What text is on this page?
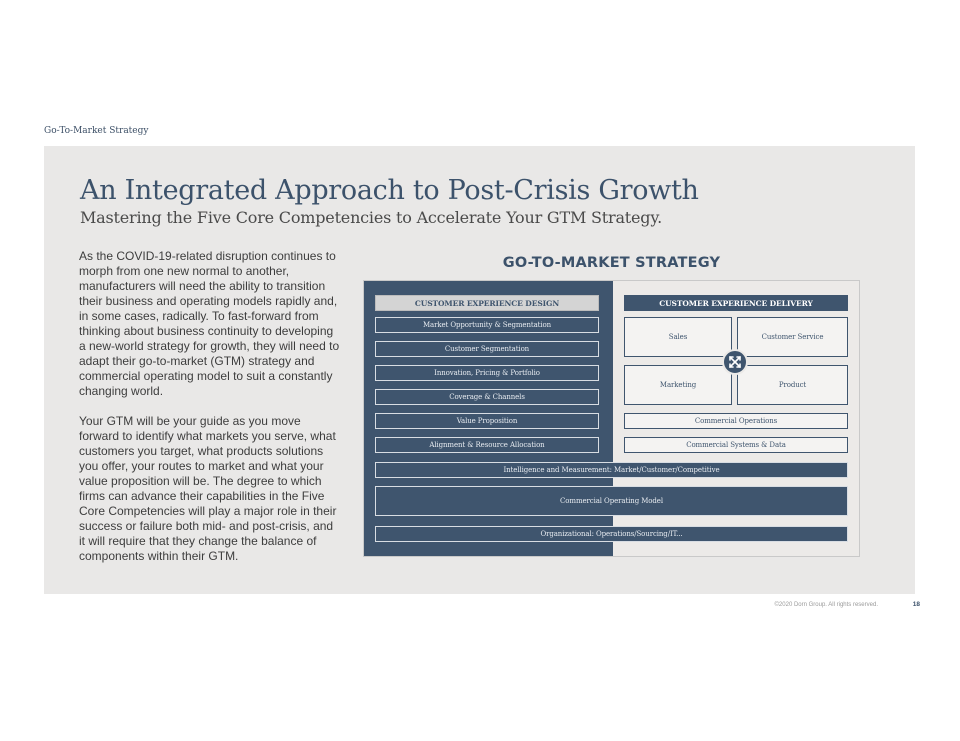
Go-To-Market Strategy
An Integrated Approach to Post-Crisis Growth
Mastering the Five Core Competencies to Accelerate Your GTM Strategy.

As the COVID-19-related disruption continues to morph from one new normal to another, manufacturers will need the ability to transition their business and operating models rapidly and, in some cases, radically. To fast-forward from thinking about business continuity to developing a new-world strategy for growth, they will need to adapt their go-to-market (GTM) strategy and commercial operating model to suit a constantly changing world.

Your GTM will be your guide as you move forward to identify what markets you serve, what customers you target, what products solutions you offer, your routes to market and what your value proposition will be. The degree to which firms can advance their capabilities in the Five Core Competencies will play a major role in their success or failure both mid- and post-crisis, and it will require that they change the balance of components within their GTM.

GO-TO-MARKET STRATEGY
CUSTOMER EXPERIENCE DESIGN
Market Opportunity & Segmentation
Customer Segmentation
Innovation, Pricing & Portfolio
Coverage & Channels
Value Proposition
Alignment & Resource Allocation
CUSTOMER EXPERIENCE DELIVERY
Sales	Customer Service
Marketing	Product
Commercial Operations
Commercial Systems & Data
Intelligence and Measurement: Market/Customer/Competitive
Commercial Operating Model
Organizational: Operations/Sourcing/IT...
©2020 Dorn Group. All rights reserved.	18
